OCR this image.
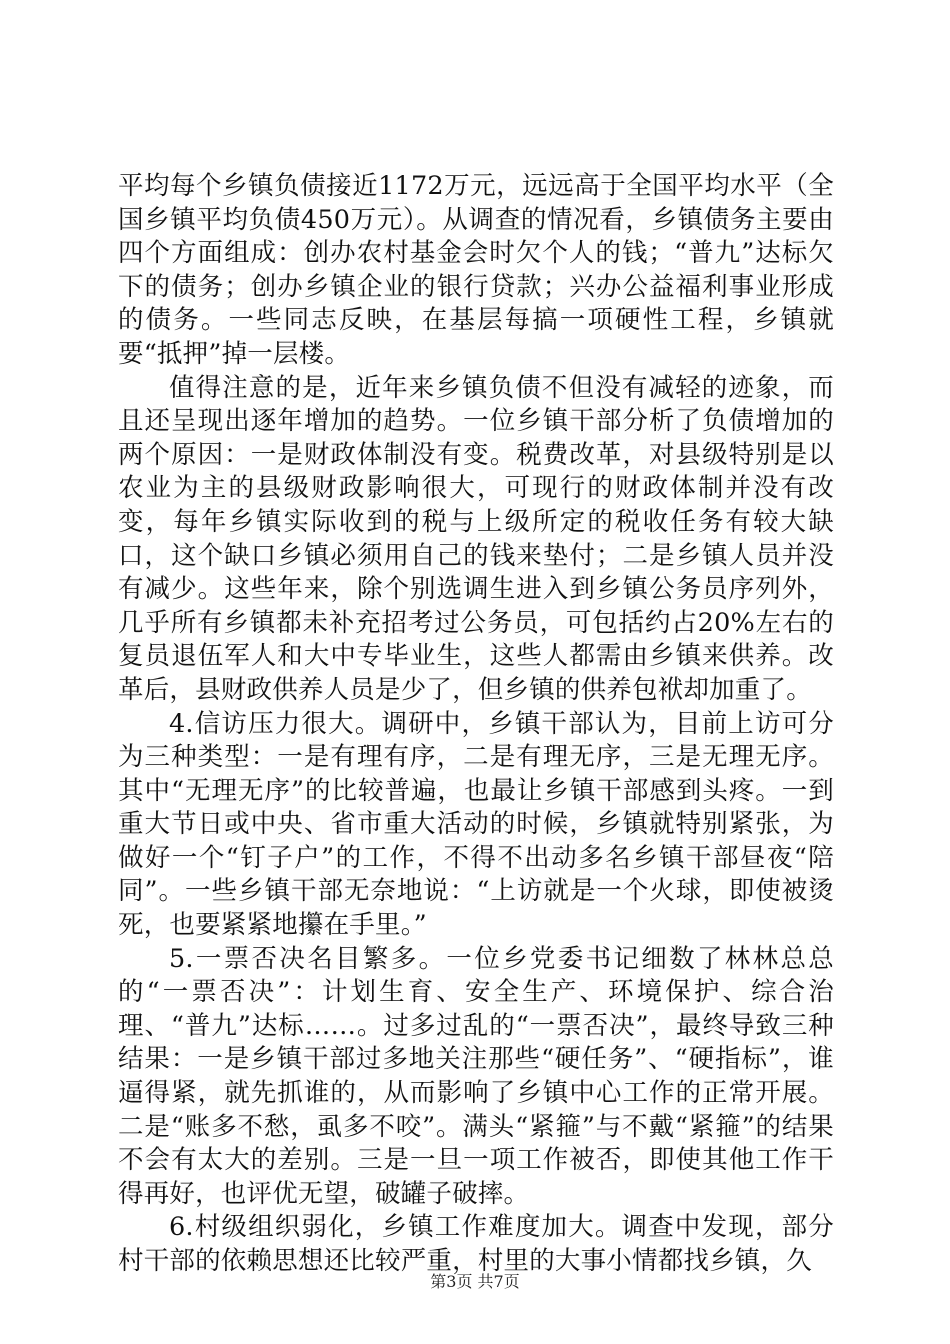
平均每个乡镇负债接近1172万元，远远高于全国平均水平（全国乡镇平均负债450万元）。从调查的情况看，乡镇债务主要由四个方面组成：创办农村基金会时欠个人的钱；“普九”达标欠下的债务；创办乡镇企业的银行贷款；兴办公益福利事业形成的债务。一些同志反映，在基层每搞一项硬性工程，乡镇就要“抵押”掉一层楼。

值得注意的是，近年来乡镇负债不但没有减轻的迹象，而且还呈现出逐年增加的趋势。一位乡镇干部分析了负债增加的两个原因：一是财政体制没有变。税费改革，对县级特别是以农业为主的县级财政影响很大，可现行的财政体制并没有改变，每年乡镇实际收到的税与上级所定的税收任务有较大缺口，这个缺口乡镇必须用自己的钱来垫付；二是乡镇人员并没有减少。这些年来，除个别选调生进入到乡镇公务员序列外，几乎所有乡镇都未补充招考过公务员，可包括约占20%左右的复员退伍军人和大中专毕业生，这些人都需由乡镇来供养。改革后，县财政供养人员是少了，但乡镇的供养包袱却加重了。

4.信访压力很大。调研中，乡镇干部认为，目前上访可分为三种类型：一是有理有序，二是有理无序，三是无理无序。其中“无理无序”的比较普遍，也最让乡镇干部感到头疼。一到重大节日或中央、省市重大活动的时候，乡镇就特别紧张，为做好一个“钉子户”的工作，不得不出动多名乡镇干部昼夜“陪同”。一些乡镇干部无奈地说：“上访就是一个火球，即使被烫死，也要紧紧地攥在手里。”

5.一票否决名目繁多。一位乡党委书记细数了林林总总的“一票否决”：计划生育、安全生产、环境保护、综合治理、“普九”达标……。过多过乱的“一票否决”，最终导致三种结果：一是乡镇干部过多地关注那些“硬任务”、“硬指标”，谁逼得紧，就先抓谁的，从而影响了乡镇中心工作的正常开展。二是“账多不愁，虱多不咬”。满头“紧箍”与不戴“紧箍”的结果不会有太大的差别。三是一旦一项工作被否，即使其他工作干得再好，也评优无望，破罐子破摔。

6.村级组织弱化，乡镇工作难度加大。调查中发现，部分村干部的依赖思想还比较严重，村里的大事小情都找乡镇，久

第3页 共7页
